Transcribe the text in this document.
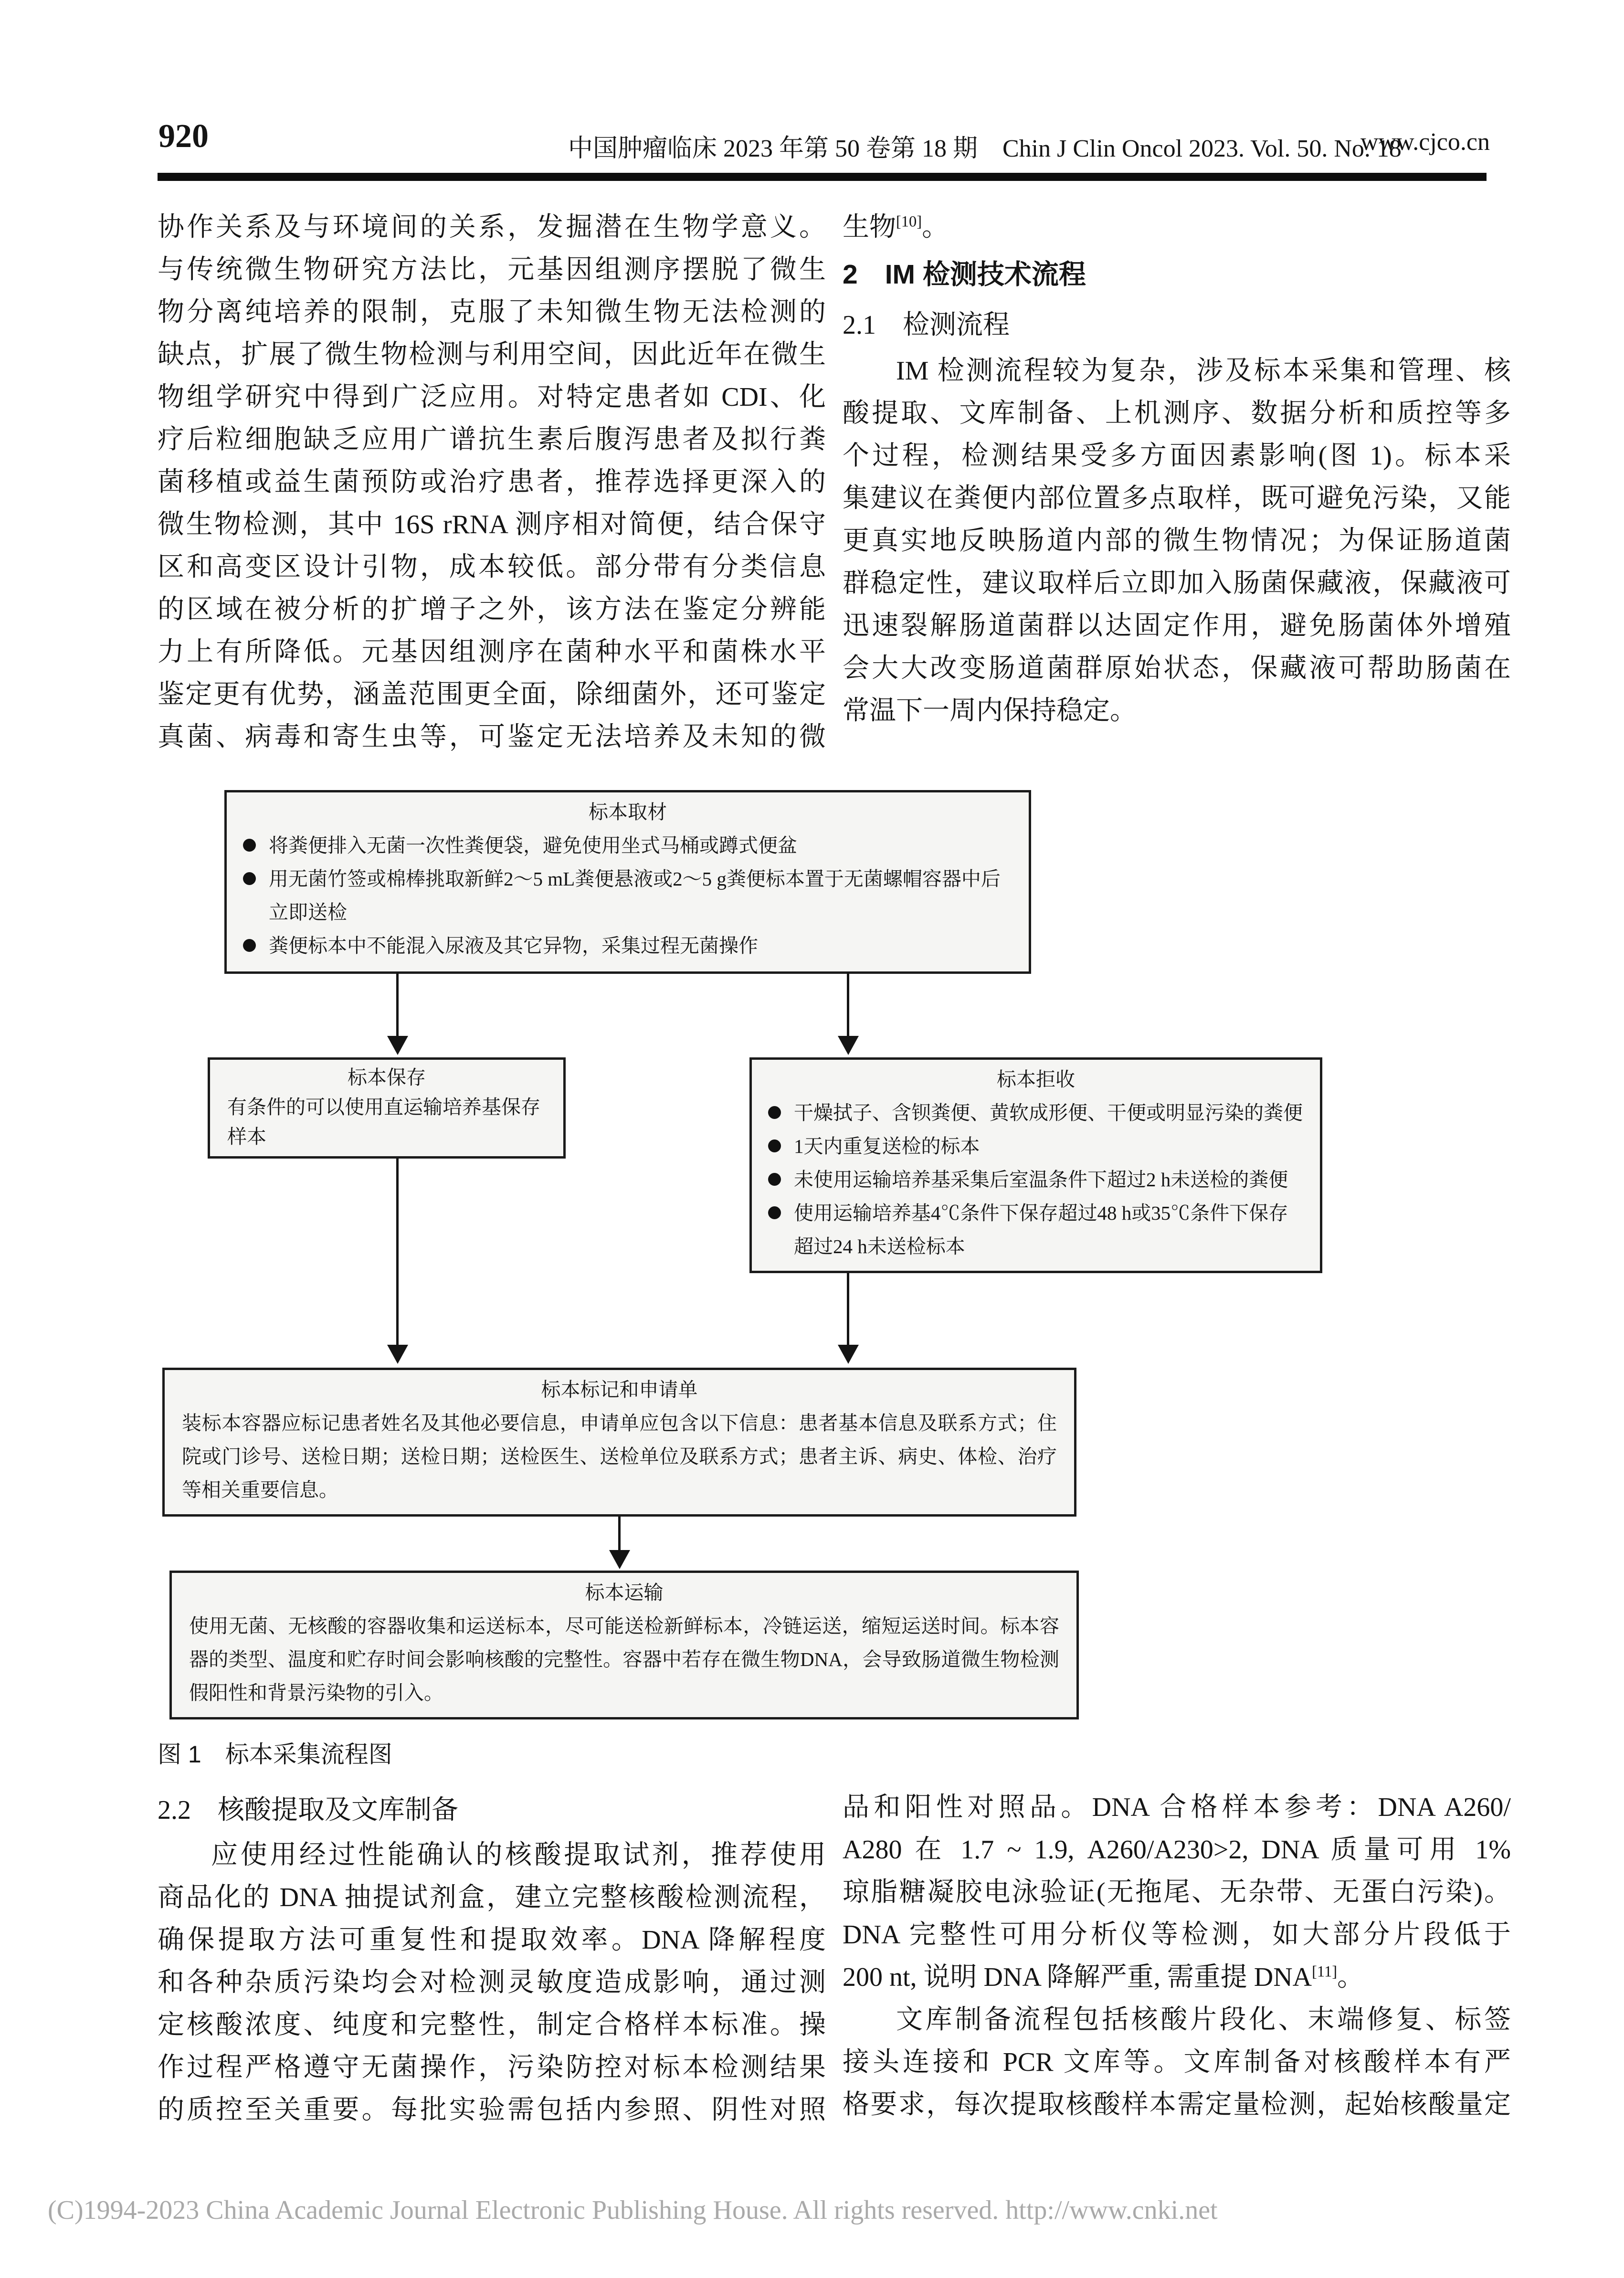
920	中国肿瘤临床 2023 年第 50 卷第 18 期　Chin J Clin Oncol 2023. Vol. 50. No. 18
www.cjco.cn
协作关系及与环境间的关系，发掘潜在生物学意义。
与传统微生物研究方法比，元基因组测序摆脱了微生
物分离纯培养的限制，克服了未知微生物无法检测的
缺点，扩展了微生物检测与利用空间，因此近年在微生
物组学研究中得到广泛应用。对特定患者如 CDI、化
疗后粒细胞缺乏应用广谱抗生素后腹泻患者及拟行粪
菌移植或益生菌预防或治疗患者，推荐选择更深入的
微生物检测，其中 16S rRNA 测序相对简便，结合保守
区和高变区设计引物，成本较低。部分带有分类信息
的区域在被分析的扩增子之外，该方法在鉴定分辨能
力上有所降低。元基因组测序在菌种水平和菌株水平
鉴定更有优势，涵盖范围更全面，除细菌外，还可鉴定
真菌、病毒和寄生虫等，可鉴定无法培养及未知的微
生物[10]。
2　IM 检测技术流程
2.1　检测流程
IM 检测流程较为复杂，涉及标本采集和管理、核
酸提取、文库制备、上机测序、数据分析和质控等多
个过程，检测结果受多方面因素影响(图 1)。标本采
集建议在粪便内部位置多点取样，既可避免污染，又能
更真实地反映肠道内部的微生物情况；为保证肠道菌
群稳定性，建议取样后立即加入肠菌保藏液，保藏液可
迅速裂解肠道菌群以达固定作用，避免肠菌体外增殖
会大大改变肠道菌群原始状态，保藏液可帮助肠菌在
常温下一周内保持稳定。
标本取材
将粪便排入无菌一次性粪便袋，避免使用坐式马桶或蹲式便盆
用无菌竹签或棉棒挑取新鲜2～5 mL粪便悬液或2～5 g粪便标本置于无菌螺帽容器中后立即送检
粪便标本中不能混入尿液及其它异物，采集过程无菌操作
标本保存
有条件的可以使用直运输培养基保存样本
标本拒收
干燥拭子、含钡粪便、黄软成形便、干便或明显污染的粪便
1天内重复送检的标本
未使用运输培养基采集后室温条件下超过2 h未送检的粪便
使用运输培养基4℃条件下保存超过48 h或35℃条件下保存超过24 h未送检标本
标本标记和申请单
装标本容器应标记患者姓名及其他必要信息，申请单应包含以下信息：患者基本信息及联系方式；住院或门诊号、送检日期；送检日期；送检医生、送检单位及联系方式；患者主诉、病史、体检、治疗等相关重要信息。
标本运输
使用无菌、无核酸的容器收集和运送标本，尽可能送检新鲜标本，冷链运送，缩短运送时间。标本容器的类型、温度和贮存时间会影响核酸的完整性。容器中若存在微生物DNA，会导致肠道微生物检测假阳性和背景污染物的引入。
图 1　标本采集流程图
2.2　核酸提取及文库制备
应使用经过性能确认的核酸提取试剂，推荐使用
商品化的 DNA 抽提试剂盒，建立完整核酸检测流程，
确保提取方法可重复性和提取效率。DNA 降解程度
和各种杂质污染均会对检测灵敏度造成影响，通过测
定核酸浓度、纯度和完整性，制定合格样本标准。操
作过程严格遵守无菌操作，污染防控对标本检测结果
的质控至关重要。每批实验需包括内参照、阴性对照
品和阳性对照品。DNA 合格样本参考：DNA A260/
A280 在 1.7 ~ 1.9, A260/A230>2, DNA 质量可用 1%
琼脂糖凝胶电泳验证(无拖尾、无杂带、无蛋白污染)。
DNA 完整性可用分析仪等检测，如大部分片段低于
200 nt, 说明 DNA 降解严重, 需重提 DNA[11]。
文库制备流程包括核酸片段化、末端修复、标签
接头连接和 PCR 文库等。文库制备对核酸样本有严
格要求，每次提取核酸样本需定量检测，起始核酸量定
(C)1994-2023 China Academic Journal Electronic Publishing House. All rights reserved. http://www.cnki.net
